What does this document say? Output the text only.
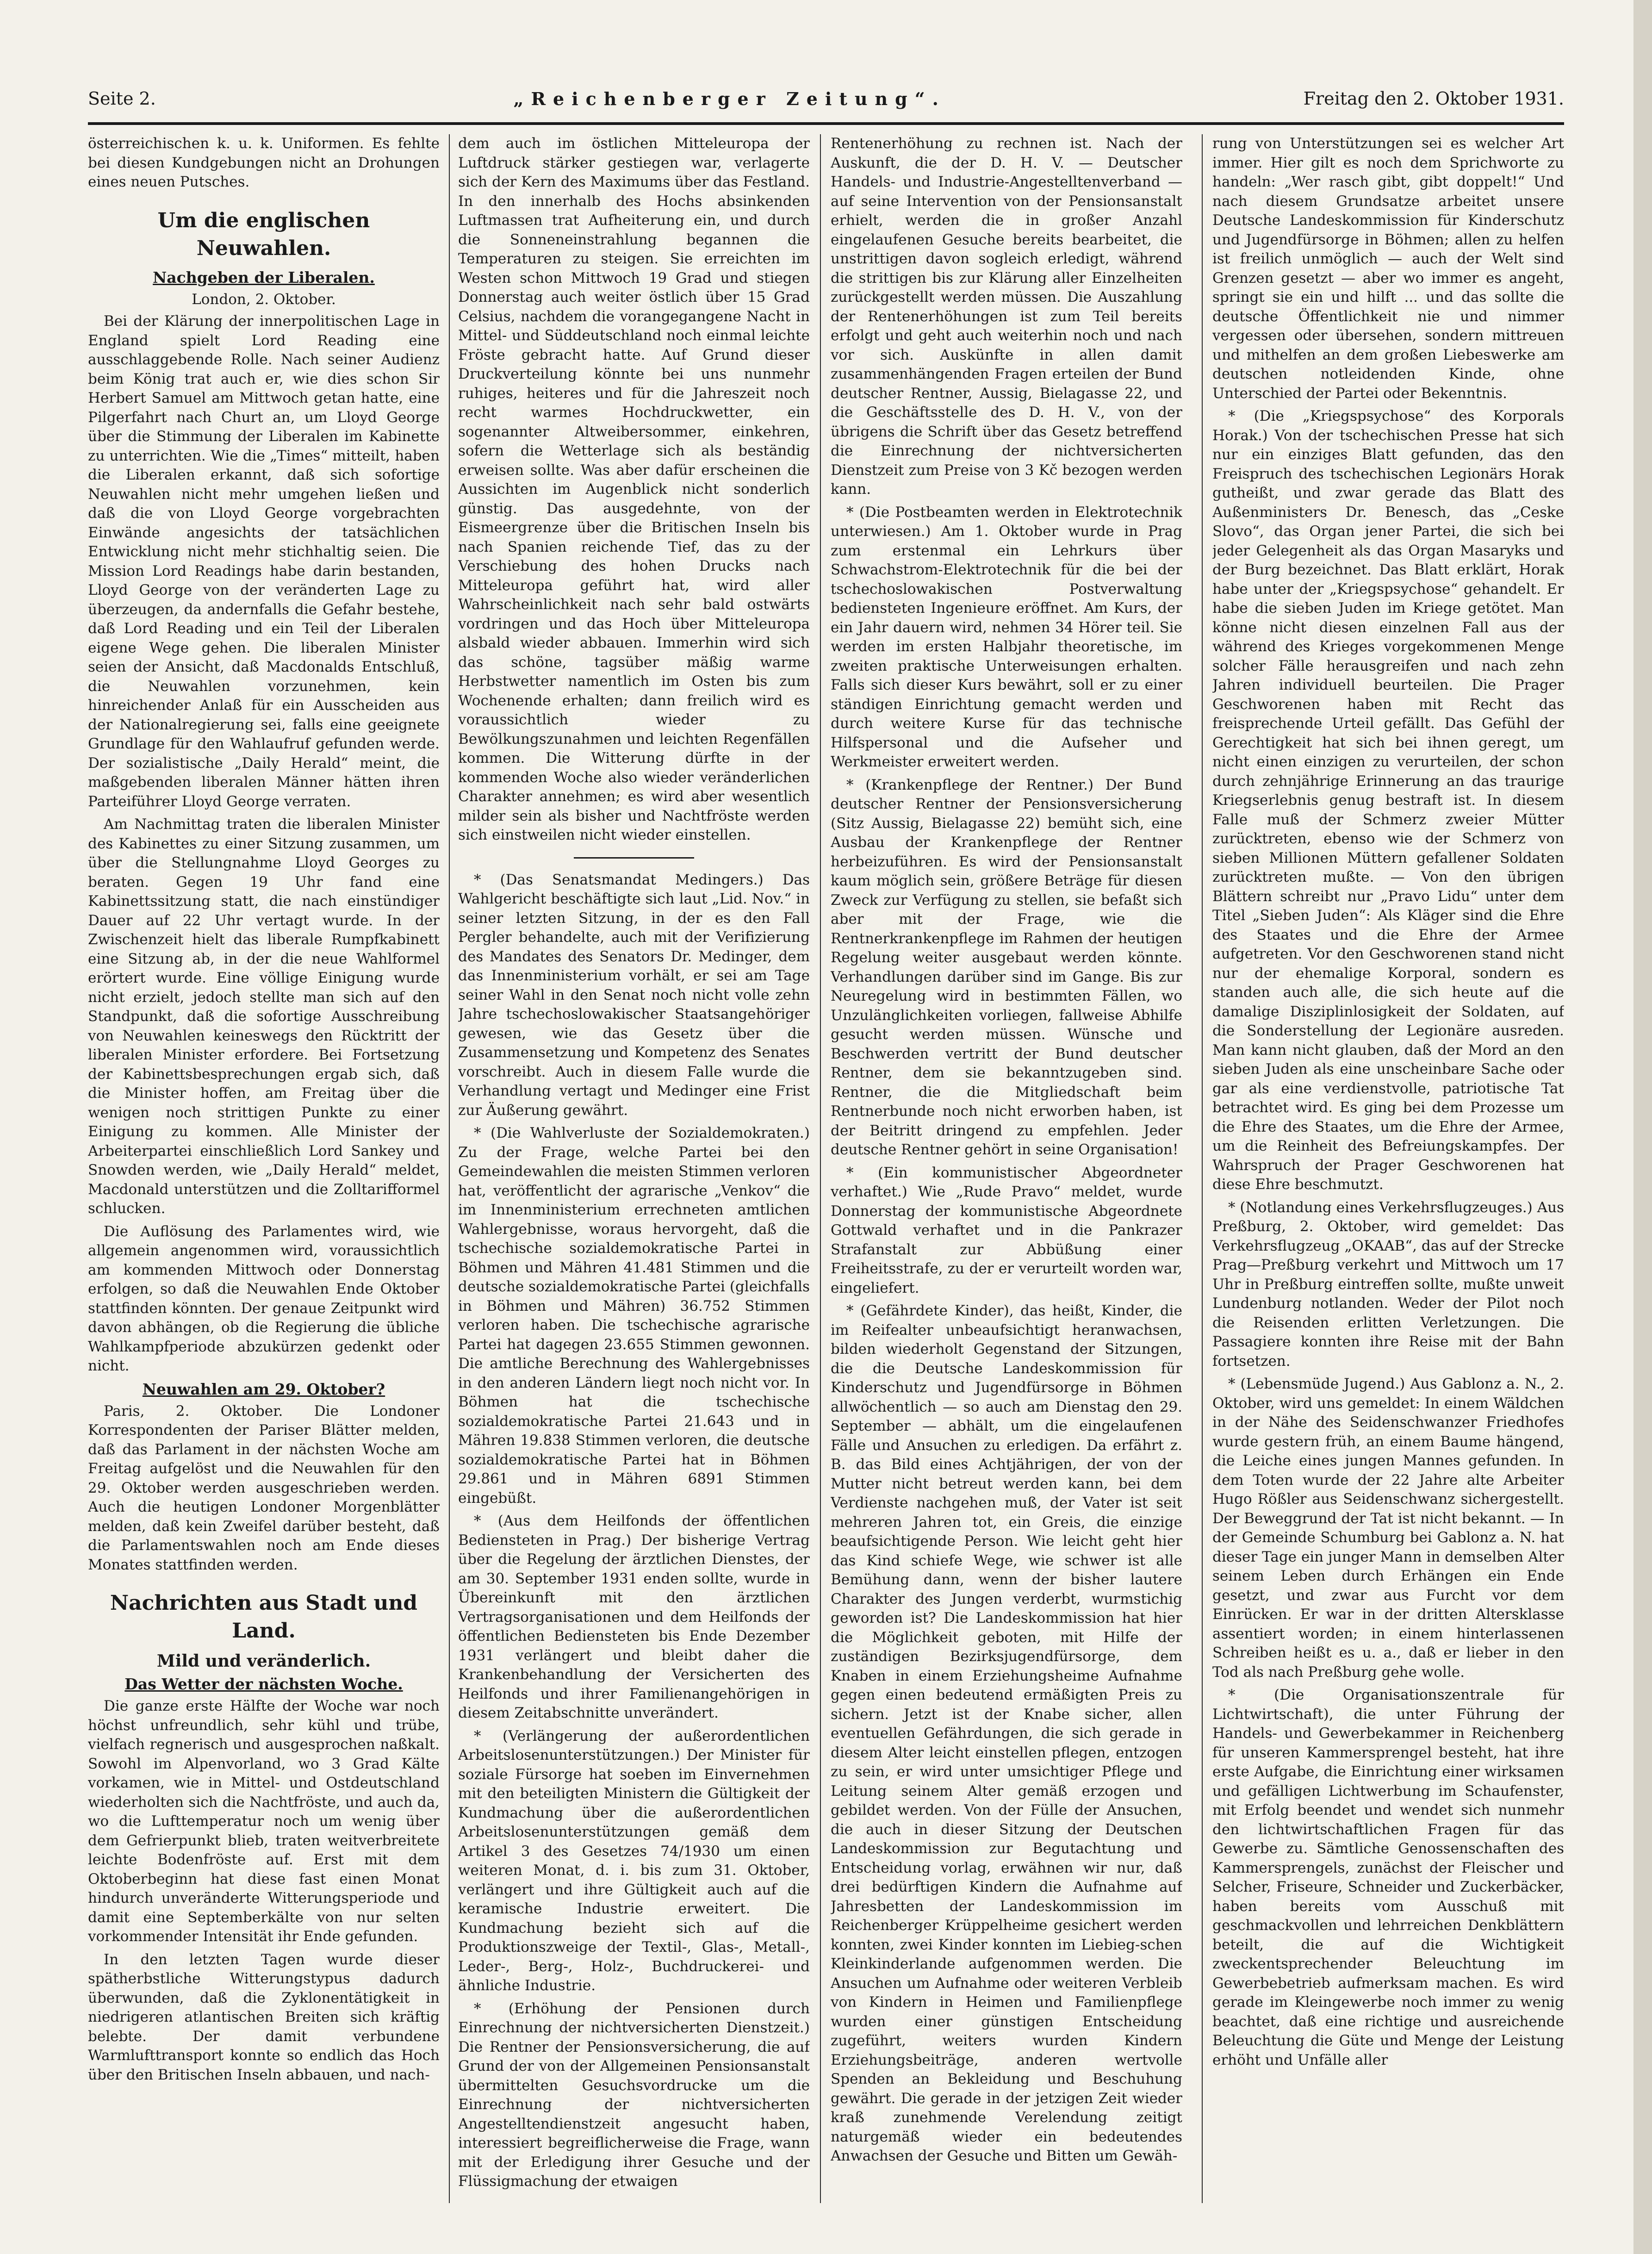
Seite 2.	„Reichenberger Zeitung“.	Freitag den 2. Oktober 1931.

österreichischen k. u. k. Uniformen. Es fehlte bei diesen Kundgebungen nicht an Drohungen eines neuen Putsches.

Um die englischen Neuwahlen.
Nachgeben der Liberalen.
London, 2. Oktober.

Bei der Klärung der innerpolitischen Lage in England spielt Lord Reading eine ausschlaggebende Rolle. Nach seiner Audienz beim König trat auch er, wie dies schon Sir Herbert Samuel am Mittwoch getan hatte, eine Pilgerfahrt nach Churt an, um Lloyd George über die Stimmung der Liberalen im Kabinette zu unterrichten. Wie die „Times“ mitteilt, haben die Liberalen erkannt, daß sich sofortige Neuwahlen nicht mehr umgehen ließen und daß die von Lloyd George vorgebrachten Einwände angesichts der tatsächlichen Entwicklung nicht mehr stichhaltig seien. Die Mission Lord Readings habe darin bestanden, Lloyd George von der veränderten Lage zu überzeugen, da andernfalls die Gefahr bestehe, daß Lord Reading und ein Teil der Liberalen eigene Wege gehen. Die liberalen Minister seien der Ansicht, daß Macdonalds Entschluß, die Neuwahlen vorzunehmen, kein hinreichender Anlaß für ein Ausscheiden aus der Nationalregierung sei, falls eine geeignete Grundlage für den Wahlaufruf gefunden werde. Der sozialistische „Daily Herald“ meint, die maßgebenden liberalen Männer hätten ihren Parteiführer Lloyd George verraten.

Am Nachmittag traten die liberalen Minister des Kabinettes zu einer Sitzung zusammen, um über die Stellungnahme Lloyd Georges zu beraten. Gegen 19 Uhr fand eine Kabinettssitzung statt, die nach einstündiger Dauer auf 22 Uhr vertagt wurde. In der Zwischenzeit hielt das liberale Rumpfkabinett eine Sitzung ab, in der die neue Wahlformel erörtert wurde. Eine völlige Einigung wurde nicht erzielt, jedoch stellte man sich auf den Standpunkt, daß die sofortige Ausschreibung von Neuwahlen keineswegs den Rücktritt der liberalen Minister erfordere. Bei Fortsetzung der Kabinettsbesprechungen ergab sich, daß die Minister hoffen, am Freitag über die wenigen noch strittigen Punkte zu einer Einigung zu kommen. Alle Minister der Arbeiterpartei einschließlich Lord Sankey und Snowden werden, wie „Daily Herald“ meldet, Macdonald unterstützen und die Zolltarifformel schlucken.

Die Auflösung des Parlamentes wird, wie allgemein angenommen wird, voraussichtlich am kommenden Mittwoch oder Donnerstag erfolgen, so daß die Neuwahlen Ende Oktober stattfinden könnten. Der genaue Zeitpunkt wird davon abhängen, ob die Regierung die übliche Wahlkampfperiode abzukürzen gedenkt oder nicht.

Neuwahlen am 29. Oktober?

Paris, 2. Oktober. Die Londoner Korrespondenten der Pariser Blätter melden, daß das Parlament in der nächsten Woche am Freitag aufgelöst und die Neuwahlen für den 29. Oktober werden ausgeschrieben werden. Auch die heutigen Londoner Morgenblätter melden, daß kein Zweifel darüber besteht, daß die Parlamentswahlen noch am Ende dieses Monates stattfinden werden.

Nachrichten aus Stadt und Land.
Mild und veränderlich.
Das Wetter der nächsten Woche.

Die ganze erste Hälfte der Woche war noch höchst unfreundlich, sehr kühl und trübe, vielfach regnerisch und ausgesprochen naßkalt. Sowohl im Alpenvorland, wo 3 Grad Kälte vorkamen, wie in Mittel- und Ostdeutschland wiederholten sich die Nachtfröste, und auch da, wo die Lufttemperatur noch um wenig über dem Gefrierpunkt blieb, traten weitverbreitete leichte Bodenfröste auf. Erst mit dem Oktoberbeginn hat diese fast einen Monat hindurch unveränderte Witterungsperiode und damit eine Septemberkälte von nur selten vorkommender Intensität ihr Ende gefunden.

In den letzten Tagen wurde dieser spätherbstliche Witterungstypus dadurch überwunden, daß die Zyklonentätigkeit in niedrigeren atlantischen Breiten sich kräftig belebte. Der damit verbundene Warmlufttransport konnte so endlich das Hoch über den Britischen Inseln abbauen, und nach-

dem auch im östlichen Mitteleuropa der Luftdruck stärker gestiegen war, verlagerte sich der Kern des Maximums über das Festland. In den innerhalb des Hochs absinkenden Luftmassen trat Aufheiterung ein, und durch die Sonneneinstrahlung begannen die Temperaturen zu steigen. Sie erreichten im Westen schon Mittwoch 19 Grad und stiegen Donnerstag auch weiter östlich über 15 Grad Celsius, nachdem die vorangegangene Nacht in Mittel- und Süddeutschland noch einmal leichte Fröste gebracht hatte. Auf Grund dieser Druckverteilung könnte bei uns nunmehr ruhiges, heiteres und für die Jahreszeit noch recht warmes Hochdruckwetter, ein sogenannter Altweibersommer, einkehren, sofern die Wetterlage sich als beständig erweisen sollte. Was aber dafür erscheinen die Aussichten im Augenblick nicht sonderlich günstig. Das ausgedehnte, von der Eismeergrenze über die Britischen Inseln bis nach Spanien reichende Tief, das zu der Verschiebung des hohen Drucks nach Mitteleuropa geführt hat, wird aller Wahrscheinlichkeit nach sehr bald ostwärts vordringen und das Hoch über Mitteleuropa alsbald wieder abbauen. Immerhin wird sich das schöne, tagsüber mäßig warme Herbstwetter namentlich im Osten bis zum Wochenende erhalten; dann freilich wird es voraussichtlich wieder zu Bewölkungszunahmen und leichten Regenfällen kommen. Die Witterung dürfte in der kommenden Woche also wieder veränderlichen Charakter annehmen; es wird aber wesentlich milder sein als bisher und Nachtfröste werden sich einstweilen nicht wieder einstellen.

* (Das Senatsmandat Medingers.) Das Wahlgericht beschäftigte sich laut „Lid. Nov.“ in seiner letzten Sitzung, in der es den Fall Pergler behandelte, auch mit der Verifizierung des Mandates des Senators Dr. Medinger, dem das Innenministerium vorhält, er sei am Tage seiner Wahl in den Senat noch nicht volle zehn Jahre tschechoslowakischer Staatsangehöriger gewesen, wie das Gesetz über die Zusammensetzung und Kompetenz des Senates vorschreibt. Auch in diesem Falle wurde die Verhandlung vertagt und Medinger eine Frist zur Äußerung gewährt.

* (Die Wahlverluste der Sozialdemokraten.) Zu der Frage, welche Partei bei den Gemeindewahlen die meisten Stimmen verloren hat, veröffentlicht der agrarische „Venkov“ die im Innenministerium errechneten amtlichen Wahlergebnisse, woraus hervorgeht, daß die tschechische sozialdemokratische Partei in Böhmen und Mähren 41.481 Stimmen und die deutsche sozialdemokratische Partei (gleichfalls in Böhmen und Mähren) 36.752 Stimmen verloren haben. Die tschechische agrarische Partei hat dagegen 23.655 Stimmen gewonnen. Die amtliche Berechnung des Wahlergebnisses in den anderen Ländern liegt noch nicht vor. In Böhmen hat die tschechische sozialdemokratische Partei 21.643 und in Mähren 19.838 Stimmen verloren, die deutsche sozialdemokratische Partei hat in Böhmen 29.861 und in Mähren 6891 Stimmen eingebüßt.

* (Aus dem Heilfonds der öffentlichen Bediensteten in Prag.) Der bisherige Vertrag über die Regelung der ärztlichen Dienstes, der am 30. September 1931 enden sollte, wurde in Übereinkunft mit den ärztlichen Vertragsorganisationen und dem Heilfonds der öffentlichen Bediensteten bis Ende Dezember 1931 verlängert und bleibt daher die Krankenbehandlung der Versicherten des Heilfonds und ihrer Familienangehörigen in diesem Zeitabschnitte unverändert.

* (Verlängerung der außerordentlichen Arbeitslosenunterstützungen.) Der Minister für soziale Fürsorge hat soeben im Einvernehmen mit den beteiligten Ministern die Gültigkeit der Kundmachung über die außerordentlichen Arbeitslosenunterstützungen gemäß dem Artikel 3 des Gesetzes 74/1930 um einen weiteren Monat, d. i. bis zum 31. Oktober, verlängert und ihre Gültigkeit auch auf die keramische Industrie erweitert. Die Kundmachung bezieht sich auf die Produktionszweige der Textil-, Glas-, Metall-, Leder-, Berg-, Holz-, Buchdruckerei- und ähnliche Industrie.

* (Erhöhung der Pensionen durch Einrechnung der nichtversicherten Dienstzeit.) Die Rentner der Pensionsversicherung, die auf Grund der von der Allgemeinen Pensionsanstalt übermittelten Gesuchsvordrucke um die Einrechnung der nichtversicherten Angestelltendienstzeit angesucht haben, interessiert begreiflicherweise die Frage, wann mit der Erledigung ihrer Gesuche und der Flüssigmachung der etwaigen

Rentenerhöhung zu rechnen ist. Nach der Auskunft, die der D. H. V. — Deutscher Handels- und Industrie-Angestelltenverband — auf seine Intervention von der Pensionsanstalt erhielt, werden die in großer Anzahl eingelaufenen Gesuche bereits bearbeitet, die unstrittigen davon sogleich erledigt, während die strittigen bis zur Klärung aller Einzelheiten zurückgestellt werden müssen. Die Auszahlung der Rentenerhöhungen ist zum Teil bereits erfolgt und geht auch weiterhin noch und nach vor sich. Auskünfte in allen damit zusammenhängenden Fragen erteilen der Bund deutscher Rentner, Aussig, Bielagasse 22, und die Geschäftsstelle des D. H. V., von der übrigens die Schrift über das Gesetz betreffend die Einrechnung der nichtversicherten Dienstzeit zum Preise von 3 Kč bezogen werden kann.

* (Die Postbeamten werden in Elektrotechnik unterwiesen.) Am 1. Oktober wurde in Prag zum erstenmal ein Lehrkurs über Schwachstrom-Elektrotechnik für die bei der tschechoslowakischen Postverwaltung bediensteten Ingenieure eröffnet. Am Kurs, der ein Jahr dauern wird, nehmen 34 Hörer teil. Sie werden im ersten Halbjahr theoretische, im zweiten praktische Unterweisungen erhalten. Falls sich dieser Kurs bewährt, soll er zu einer ständigen Einrichtung gemacht werden und durch weitere Kurse für das technische Hilfspersonal und die Aufseher und Werkmeister erweitert werden.

* (Krankenpflege der Rentner.) Der Bund deutscher Rentner der Pensionsversicherung (Sitz Aussig, Bielagasse 22) bemüht sich, eine Ausbau der Krankenpflege der Rentner herbeizuführen. Es wird der Pensionsanstalt kaum möglich sein, größere Beträge für diesen Zweck zur Verfügung zu stellen, sie befaßt sich aber mit der Frage, wie die Rentnerkrankenpflege im Rahmen der heutigen Regelung weiter ausgebaut werden könnte. Verhandlungen darüber sind im Gange. Bis zur Neuregelung wird in bestimmten Fällen, wo Unzulänglichkeiten vorliegen, fallweise Abhilfe gesucht werden müssen. Wünsche und Beschwerden vertritt der Bund deutscher Rentner, dem sie bekanntzugeben sind. Rentner, die die Mitgliedschaft beim Rentnerbunde noch nicht erworben haben, ist der Beitritt dringend zu empfehlen. Jeder deutsche Rentner gehört in seine Organisation!

* (Ein kommunistischer Abgeordneter verhaftet.) Wie „Rude Pravo“ meldet, wurde Donnerstag der kommunistische Abgeordnete Gottwald verhaftet und in die Pankrazer Strafanstalt zur Abbüßung einer Freiheitsstrafe, zu der er verurteilt worden war, eingeliefert.

* (Gefährdete Kinder), das heißt, Kinder, die im Reifealter unbeaufsichtigt heranwachsen, bilden wiederholt Gegenstand der Sitzungen, die die Deutsche Landeskommission für Kinderschutz und Jugendfürsorge in Böhmen allwöchentlich — so auch am Dienstag den 29. September — abhält, um die eingelaufenen Fälle und Ansuchen zu erledigen. Da erfährt z. B. das Bild eines Achtjährigen, der von der Mutter nicht betreut werden kann, bei dem Verdienste nachgehen muß, der Vater ist seit mehreren Jahren tot, ein Greis, die einzige beaufsichtigende Person. Wie leicht geht hier das Kind schiefe Wege, wie schwer ist alle Bemühung dann, wenn der bisher lautere Charakter des Jungen verderbt, wurmstichig geworden ist? Die Landeskommission hat hier die Möglichkeit geboten, mit Hilfe der zuständigen Bezirksjugendfürsorge, dem Knaben in einem Erziehungsheime Aufnahme gegen einen bedeutend ermäßigten Preis zu sichern. Jetzt ist der Knabe sicher, allen eventuellen Gefährdungen, die sich gerade in diesem Alter leicht einstellen pflegen, entzogen zu sein, er wird unter umsichtiger Pflege und Leitung seinem Alter gemäß erzogen und gebildet werden. Von der Fülle der Ansuchen, die auch in dieser Sitzung der Deutschen Landeskommission zur Begutachtung und Entscheidung vorlag, erwähnen wir nur, daß drei bedürftigen Kindern die Aufnahme auf Jahresbetten der Landeskommission im Reichenberger Krüppelheime gesichert werden konnten, zwei Kinder konnten im Liebieg-schen Kleinkinderlande aufgenommen werden. Die Ansuchen um Aufnahme oder weiteren Verbleib von Kindern in Heimen und Familienpflege wurden einer günstigen Entscheidung zugeführt, weiters wurden Kindern Erziehungsbeiträge, anderen wertvolle Spenden an Bekleidung und Beschuhung gewährt. Die gerade in der jetzigen Zeit wieder kraß zunehmende Verelendung zeitigt naturgemäß wieder ein bedeutendes Anwachsen der Gesuche und Bitten um Gewäh-

rung von Unterstützungen sei es welcher Art immer. Hier gilt es noch dem Sprichworte zu handeln: „Wer rasch gibt, gibt doppelt!“ Und nach diesem Grundsatze arbeitet unsere Deutsche Landeskommission für Kinderschutz und Jugendfürsorge in Böhmen; allen zu helfen ist freilich unmöglich — auch der Welt sind Grenzen gesetzt — aber wo immer es angeht, springt sie ein und hilft ... und das sollte die deutsche Öffentlichkeit nie und nimmer vergessen oder übersehen, sondern mittreuen und mithelfen an dem großen Liebeswerke am deutschen notleidenden Kinde, ohne Unterschied der Partei oder Bekenntnis.

* (Die „Kriegspsychose“ des Korporals Horak.) Von der tschechischen Presse hat sich nur ein einziges Blatt gefunden, das den Freispruch des tschechischen Legionärs Horak gutheißt, und zwar gerade das Blatt des Außenministers Dr. Benesch, das „Ceske Slovo“, das Organ jener Partei, die sich bei jeder Gelegenheit als das Organ Masaryks und der Burg bezeichnet. Das Blatt erklärt, Horak habe unter der „Kriegspsychose“ gehandelt. Er habe die sieben Juden im Kriege getötet. Man könne nicht diesen einzelnen Fall aus der während des Krieges vorgekommenen Menge solcher Fälle herausgreifen und nach zehn Jahren individuell beurteilen. Die Prager Geschworenen haben mit Recht das freisprechende Urteil gefällt. Das Gefühl der Gerechtigkeit hat sich bei ihnen geregt, um nicht einen einzigen zu verurteilen, der schon durch zehnjährige Erinnerung an das traurige Kriegserlebnis genug bestraft ist. In diesem Falle muß der Schmerz zweier Mütter zurücktreten, ebenso wie der Schmerz von sieben Millionen Müttern gefallener Soldaten zurücktreten mußte. — Von den übrigen Blättern schreibt nur „Pravo Lidu“ unter dem Titel „Sieben Juden“: Als Kläger sind die Ehre des Staates und die Ehre der Armee aufgetreten. Vor den Geschworenen stand nicht nur der ehemalige Korporal, sondern es standen auch alle, die sich heute auf die damalige Disziplinlosigkeit der Soldaten, auf die Sonderstellung der Legionäre ausreden. Man kann nicht glauben, daß der Mord an den sieben Juden als eine unscheinbare Sache oder gar als eine verdienstvolle, patriotische Tat betrachtet wird. Es ging bei dem Prozesse um die Ehre des Staates, um die Ehre der Armee, um die Reinheit des Befreiungskampfes. Der Wahrspruch der Prager Geschworenen hat diese Ehre beschmutzt.

* (Notlandung eines Verkehrsflugzeuges.) Aus Preßburg, 2. Oktober, wird gemeldet: Das Verkehrsflugzeug „OKAAB“, das auf der Strecke Prag—Preßburg verkehrt und Mittwoch um 17 Uhr in Preßburg eintreffen sollte, mußte unweit Lundenburg notlanden. Weder der Pilot noch die Reisenden erlitten Verletzungen. Die Passagiere konnten ihre Reise mit der Bahn fortsetzen.

* (Lebensmüde Jugend.) Aus Gablonz a. N., 2. Oktober, wird uns gemeldet: In einem Wäldchen in der Nähe des Seidenschwanzer Friedhofes wurde gestern früh, an einem Baume hängend, die Leiche eines jungen Mannes gefunden. In dem Toten wurde der 22 Jahre alte Arbeiter Hugo Rößler aus Seidenschwanz sichergestellt. Der Beweggrund der Tat ist nicht bekannt. — In der Gemeinde Schumburg bei Gablonz a. N. hat dieser Tage ein junger Mann in demselben Alter seinem Leben durch Erhängen ein Ende gesetzt, und zwar aus Furcht vor dem Einrücken. Er war in der dritten Altersklasse assentiert worden; in einem hinterlassenen Schreiben heißt es u. a., daß er lieber in den Tod als nach Preßburg gehe wolle.

* (Die Organisationszentrale für Lichtwirtschaft), die unter Führung der Handels- und Gewerbekammer in Reichenberg für unseren Kammersprengel besteht, hat ihre erste Aufgabe, die Einrichtung einer wirksamen und gefälligen Lichtwerbung im Schaufenster, mit Erfolg beendet und wendet sich nunmehr den lichtwirtschaftlichen Fragen für das Gewerbe zu. Sämtliche Genossenschaften des Kammersprengels, zunächst der Fleischer und Selcher, Friseure, Schneider und Zuckerbäcker, haben bereits vom Ausschuß mit geschmackvollen und lehrreichen Denkblättern beteilt, die auf die Wichtigkeit zweckentsprechender Beleuchtung im Gewerbebetrieb aufmerksam machen. Es wird gerade im Kleingewerbe noch immer zu wenig beachtet, daß eine richtige und ausreichende Beleuchtung die Güte und Menge der Leistung erhöht und Unfälle aller
